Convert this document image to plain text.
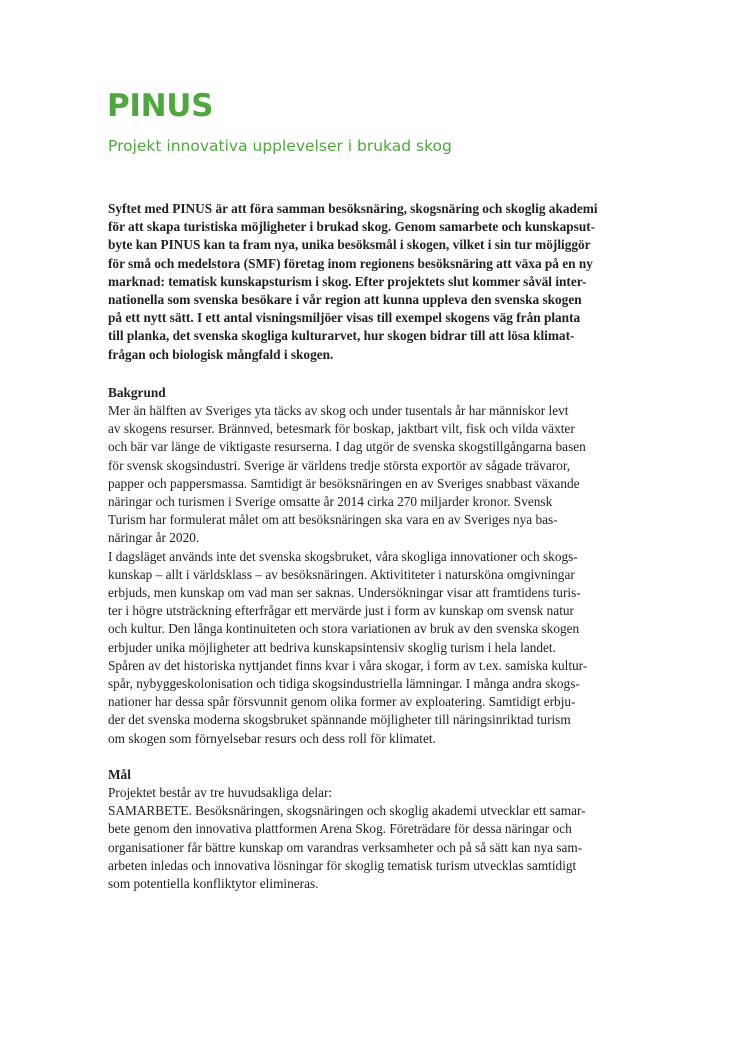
PINUS
Projekt innovativa upplevelser i brukad skog

Syftet med PINUS är att föra samman besöksnäring, skogsnäring och skoglig akademi
för att skapa turistiska möjligheter i brukad skog. Genom samarbete och kunskapsut-
byte kan PINUS kan ta fram nya, unika besöksmål i skogen, vilket i sin tur möjliggör
för små och medelstora (SMF) företag inom regionens besöksnäring att växa på en ny
marknad: tematisk kunskapsturism i skog. Efter projektets slut kommer såväl inter-
nationella som svenska besökare i vår region att kunna uppleva den svenska skogen
på ett nytt sätt. I ett antal visningsmiljöer visas till exempel skogens väg från planta
till planka, det svenska skogliga kulturarvet, hur skogen bidrar till att lösa klimat-
frågan och biologisk mångfald i skogen.

Bakgrund

Mer än hälften av Sveriges yta täcks av skog och under tusentals år har människor levt
av skogens resurser. Brännved, betesmark för boskap, jaktbart vilt, fisk och vilda växter
och bär var länge de viktigaste resurserna. I dag utgör de svenska skogstillgångarna basen
för svensk skogsindustri. Sverige är världens tredje största exportör av sågade trävaror,
papper och pappersmassa. Samtidigt är besöksnäringen en av Sveriges snabbast växande
näringar och turismen i Sverige omsatte år 2014 cirka 270 miljarder kronor. Svensk
Turism har formulerat målet om att besöksnäringen ska vara en av Sveriges nya bas-
näringar år 2020.
I dagsläget används inte det svenska skogsbruket, våra skogliga innovationer och skogs-
kunskap – allt i världsklass – av besöksnäringen. Aktivititeter i natursköna omgivningar
erbjuds, men kunskap om vad man ser saknas. Undersökningar visar att framtidens turis-
ter i högre utsträckning efterfrågar ett mervärde just i form av kunskap om svensk natur
och kultur. Den långa kontinuiteten och stora variationen av bruk av den svenska skogen
erbjuder unika möjligheter att bedriva kunskapsintensiv skoglig turism i hela landet.
Spåren av det historiska nyttjandet finns kvar i våra skogar, i form av t.ex. samiska kultur-
spår, nybyggeskolonisation och tidiga skogsindustriella lämningar. I många andra skogs-
nationer har dessa spår försvunnit genom olika former av exploatering. Samtidigt erbju-
der det svenska moderna skogsbruket spännande möjligheter till näringsinriktad turism
om skogen som förnyelsebar resurs och dess roll för klimatet.

Mål

Projektet består av tre huvudsakliga delar:
SAMARBETE. Besöksnäringen, skogsnäringen och skoglig akademi utvecklar ett samar-
bete genom den innovativa plattformen Arena Skog. Företrädare för dessa näringar och
organisationer får bättre kunskap om varandras verksamheter och på så sätt kan nya sam-
arbeten inledas och innovativa lösningar för skoglig tematisk turism utvecklas samtidigt
som potentiella konfliktytor elimineras.
